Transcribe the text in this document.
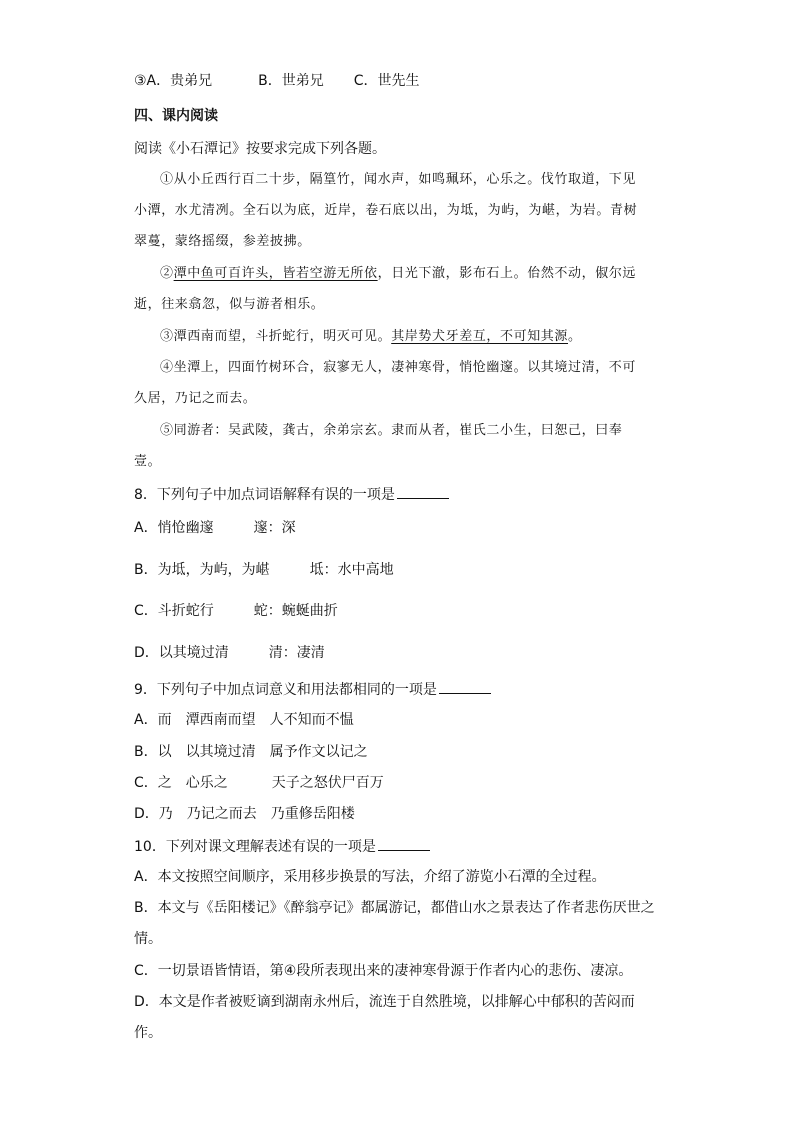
③A．贵弟兄	B．世弟兄 C．世先生
四、课内阅读
阅读《小石潭记》按要求完成下列各题。
①从小丘西行百二十步，隔篁竹，闻水声，如鸣珮环，心乐之。伐竹取道，下见
小潭，水尤清冽。全石以为底，近岸，卷石底以出，为坻，为屿，为嵁，为岩。青树
翠蔓，蒙络摇缀，参差披拂。
②潭中鱼可百许头，皆若空游无所依，日光下澈，影布石上。佁然不动，俶尔远
逝，往来翕忽，似与游者相乐。
③潭西南而望，斗折蛇行，明灭可见。其岸势犬牙差互，不可知其源。
④坐潭上，四面竹树环合，寂寥无人，凄神寒骨，悄怆幽邃。以其境过清，不可
久居，乃记之而去。
⑤同游者：吴武陵，龚古，余弟宗玄。隶而从者，崔氏二小生，曰恕己，曰奉
壹。
8．下列句子中加点词语解释有误的一项是
A．悄怆幽邃	邃：深
B．为坻，为屿，为嵁	坻：水中高地
C．斗折蛇行	蛇：蜿蜒曲折
D．以其境过清	清：凄清
9．下列句子中加点词意义和用法都相同的一项是
A．而 潭西南而望 人不知而不愠
B．以 以其境过清 属予作文以记之
C．之 心乐之	天子之怒伏尸百万
D．乃 乃记之而去 乃重修岳阳楼
10．下列对课文理解表述有误的一项是
A．本文按照空间顺序，采用移步换景的写法，介绍了游览小石潭的全过程。
B．本文与《岳阳楼记》《醉翁亭记》都属游记，都借山水之景表达了作者悲伤厌世之
情。
C．一切景语皆情语，第④段所表现出来的凄神寒骨源于作者内心的悲伤、凄凉。
D．本文是作者被贬谪到湖南永州后，流连于自然胜境，以排解心中郁积的苦闷而
作。
